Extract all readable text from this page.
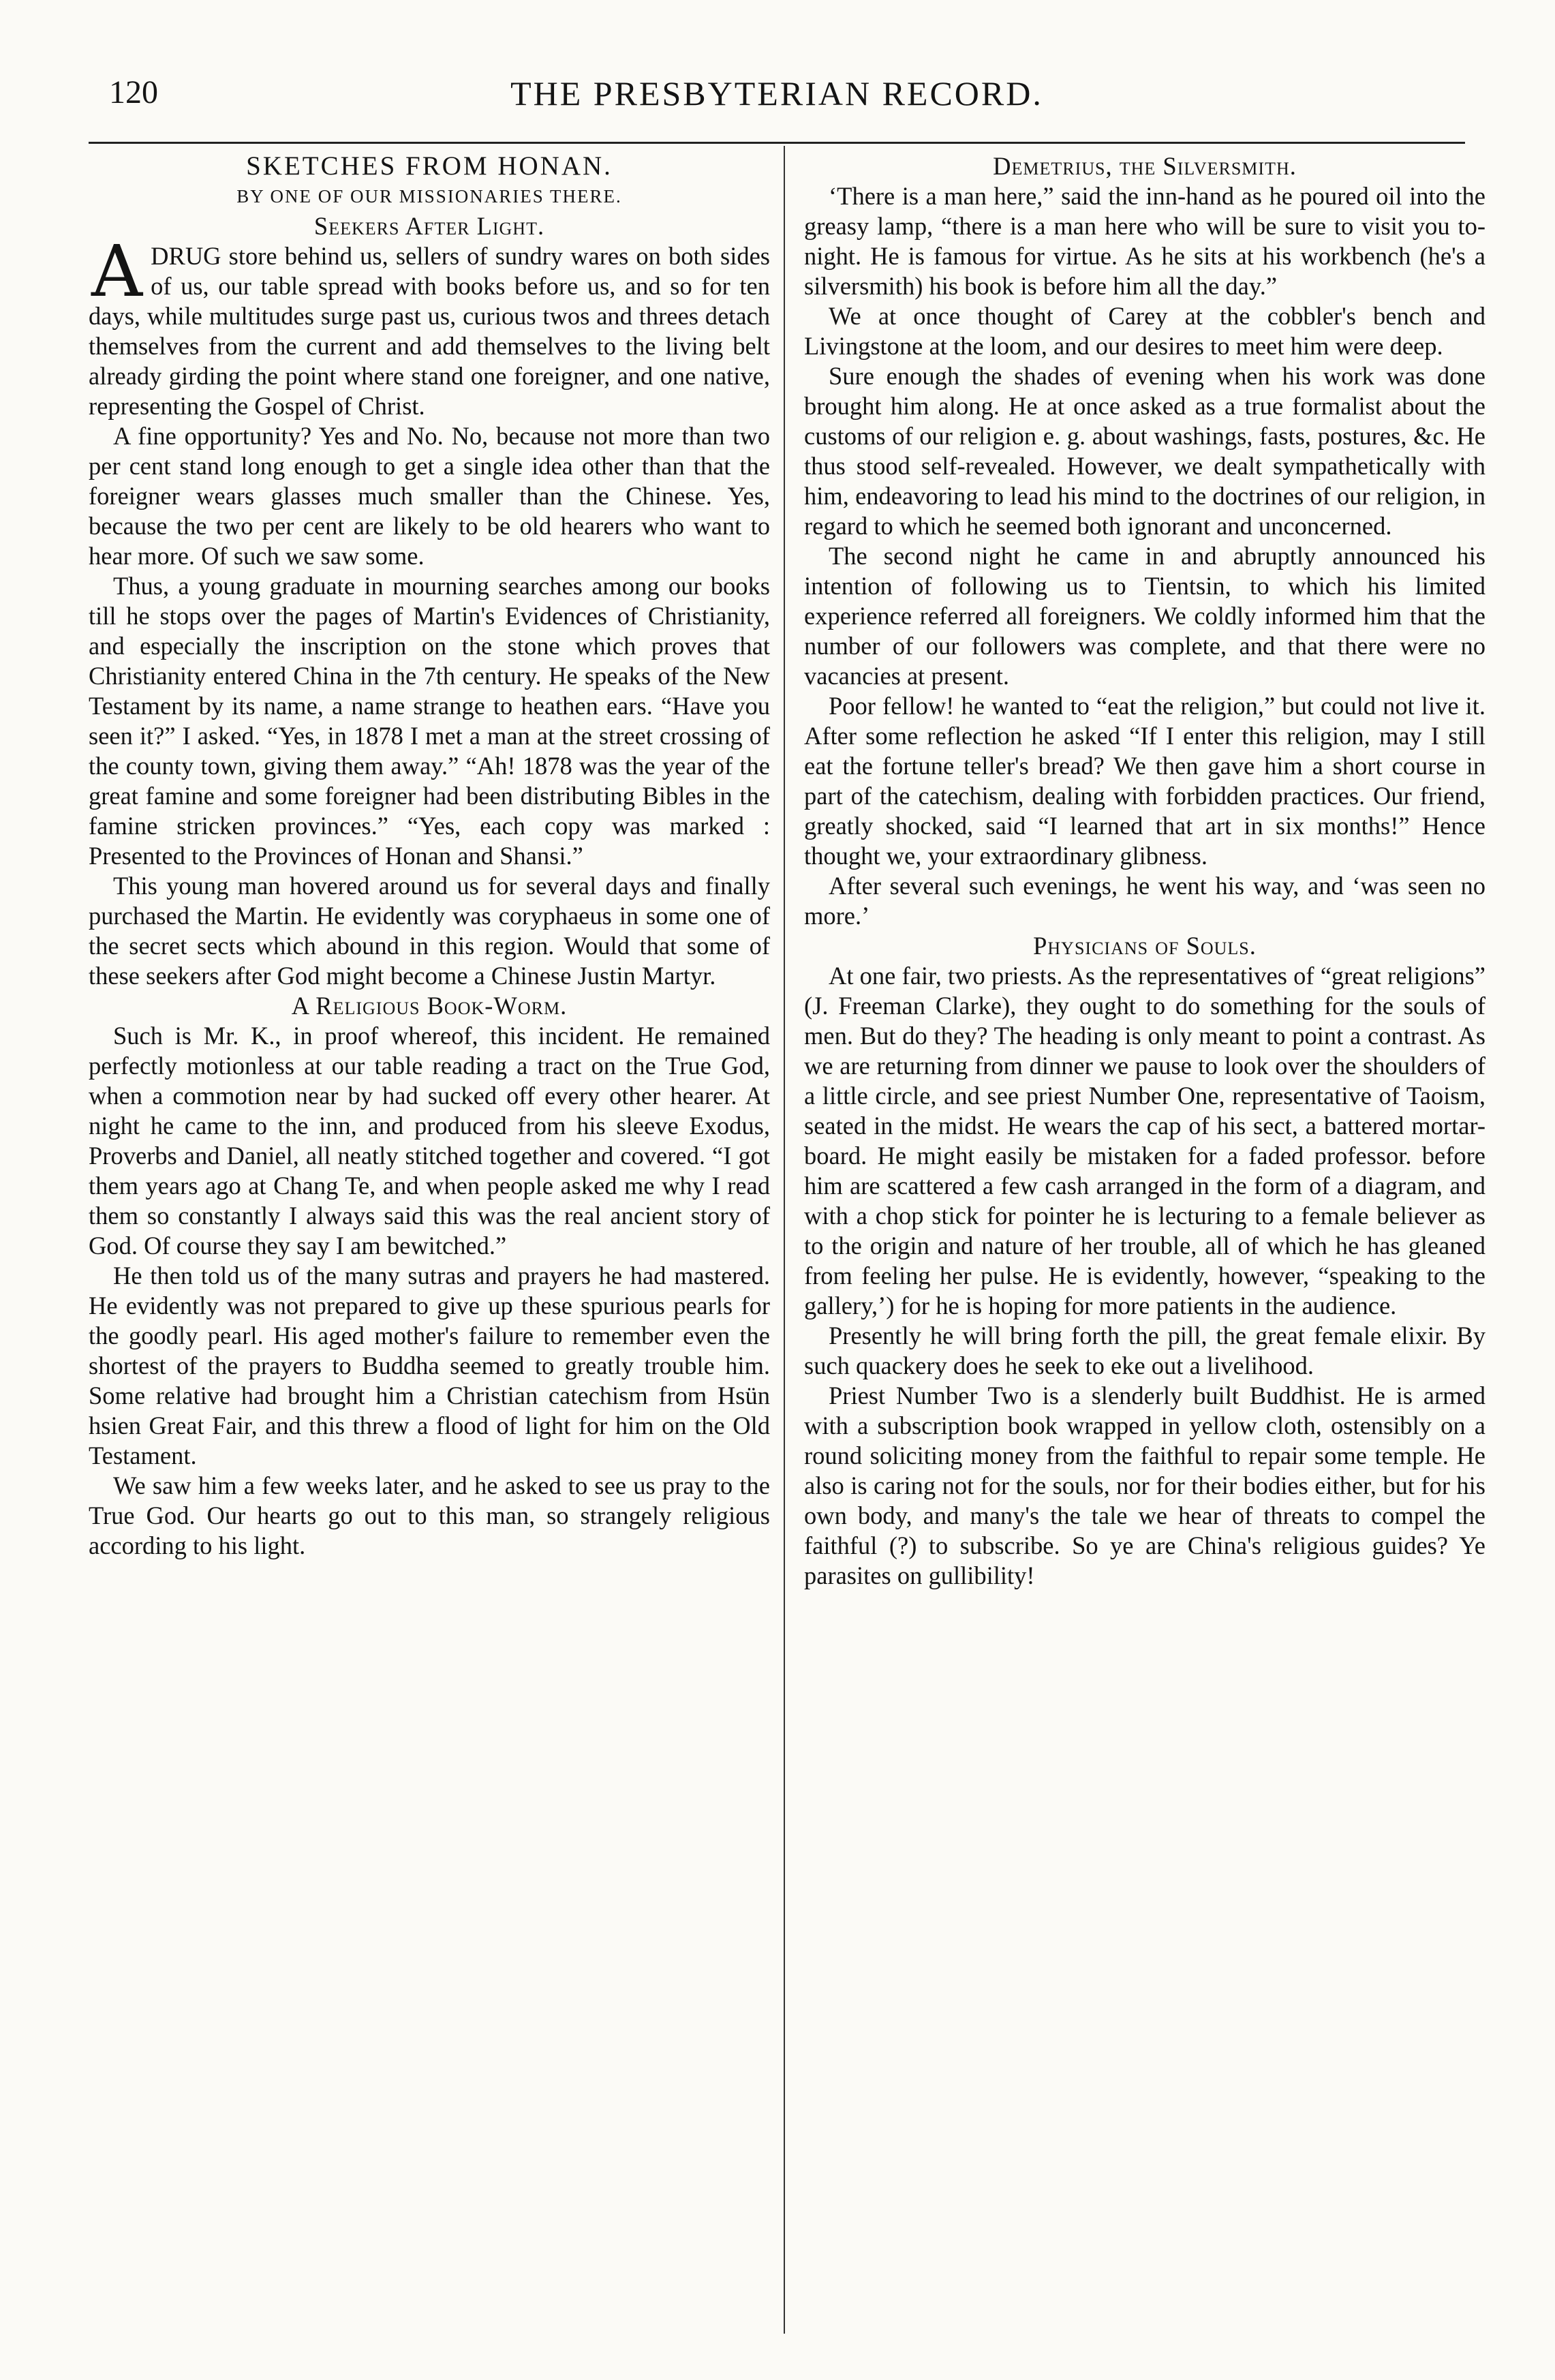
120	THE PRESBYTERIAN RECORD.
SKETCHES FROM HONAN.
BY ONE OF OUR MISSIONARIES THERE.
Seekers After Light.

ADRUG store behind us, sellers of sundry wares on both sides of us, our table spread with books before us, and so for ten days, while multitudes surge past us, curious twos and threes detach themselves from the current and add themselves to the living belt already girding the point where stand one foreigner, and one native, representing the Gospel of Christ.

A fine opportunity? Yes and No. No, because not more than two per cent stand long enough to get a single idea other than that the foreigner wears glasses much smaller than the Chinese. Yes, because the two per cent are likely to be old hearers who want to hear more. Of such we saw some.

Thus, a young graduate in mourning searches among our books till he stops over the pages of Martin's Evidences of Christianity, and especially the inscription on the stone which proves that Christianity entered China in the 7th century. He speaks of the New Testament by its name, a name strange to heathen ears. “Have you seen it?” I asked. “Yes, in 1878 I met a man at the street crossing of the county town, giving them away.” “Ah! 1878 was the year of the great famine and some foreigner had been distributing Bibles in the famine stricken provinces.” “Yes, each copy was marked : Presented to the Provinces of Honan and Shansi.”

This young man hovered around us for several days and finally purchased the Martin. He evidently was coryphaeus in some one of the secret sects which abound in this region. Would that some of these seekers after God might become a Chinese Justin Martyr.

A Religious Book-Worm.

Such is Mr. K., in proof whereof, this incident. He remained perfectly motionless at our table reading a tract on the True God, when a commotion near by had sucked off every other hearer. At night he came to the inn, and produced from his sleeve Exodus, Proverbs and Daniel, all neatly stitched together and covered. “I got them years ago at Chang Te, and when people asked me why I read them so constantly I always said this was the real ancient story of God. Of course they say I am bewitched.”

He then told us of the many sutras and prayers he had mastered. He evidently was not prepared to give up these spurious pearls for the goodly pearl. His aged mother's failure to remember even the shortest of the prayers to Buddha seemed to greatly trouble him. Some relative had brought him a Christian catechism from Hsün hsien Great Fair, and this threw a flood of light for him on the Old Testament.

We saw him a few weeks later, and he asked to see us pray to the True God. Our hearts go out to this man, so strangely religious according to his light.

Demetrius, the Silversmith.

‘There is a man here,” said the inn-hand as he poured oil into the greasy lamp, “there is a man here who will be sure to visit you to-night. He is famous for virtue. As he sits at his workbench (he's a silversmith) his book is before him all the day.”

We at once thought of Carey at the cobbler's bench and Livingstone at the loom, and our desires to meet him were deep.

Sure enough the shades of evening when his work was done brought him along. He at once asked as a true formalist about the customs of our religion e. g. about washings, fasts, postures, &c. He thus stood self-revealed. However, we dealt sympathetically with him, endeavoring to lead his mind to the doctrines of our religion, in regard to which he seemed both ignorant and unconcerned.

The second night he came in and abruptly announced his intention of following us to Tientsin, to which his limited experience referred all foreigners. We coldly informed him that the number of our followers was complete, and that there were no vacancies at present.

Poor fellow! he wanted to “eat the religion,” but could not live it. After some reflection he asked “If I enter this religion, may I still eat the fortune teller's bread? We then gave him a short course in part of the catechism, dealing with forbidden practices. Our friend, greatly shocked, said “I learned that art in six months!” Hence thought we, your extraordinary glibness.

After several such evenings, he went his way, and ‘was seen no more.’

Physicians of Souls.

At one fair, two priests. As the representatives of “great religions” (J. Freeman Clarke), they ought to do something for the souls of men. But do they? The heading is only meant to point a contrast. As we are returning from dinner we pause to look over the shoulders of a little circle, and see priest Number One, representative of Taoism, seated in the midst. He wears the cap of his sect, a battered mortar-board. He might easily be mistaken for a faded professor. before him are scattered a few cash arranged in the form of a diagram, and with a chop stick for pointer he is lecturing to a female believer as to the origin and nature of her trouble, all of which he has gleaned from feeling her pulse. He is evidently, however, “speaking to the gallery,’) for he is hoping for more patients in the audience.

Presently he will bring forth the pill, the great female elixir. By such quackery does he seek to eke out a livelihood.

Priest Number Two is a slenderly built Buddhist. He is armed with a subscription book wrapped in yellow cloth, ostensibly on a round soliciting money from the faithful to repair some temple. He also is caring not for the souls, nor for their bodies either, but for his own body, and many's the tale we hear of threats to compel the faithful (?) to subscribe. So ye are China's religious guides? Ye parasites on gullibility!
